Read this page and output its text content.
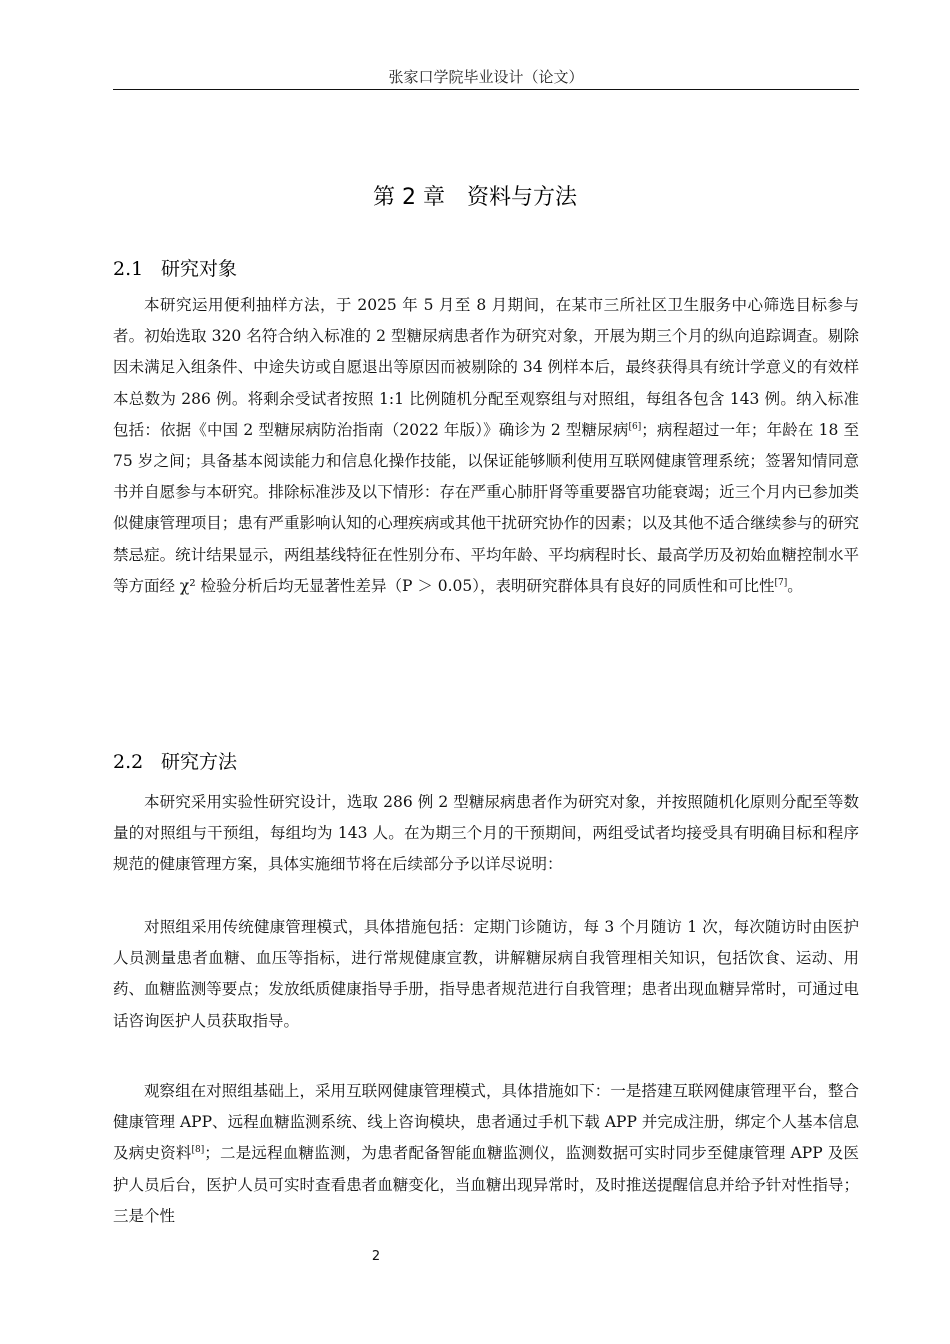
张家口学院毕业设计（论文）
第 2 章　资料与方法
2.1 研究对象

本研究运用便利抽样方法，于 2025 年 5 月至 8 月期间，在某市三所社区卫生服务中心筛选目标参与者。初始选取 320 名符合纳入标准的 2 型糖尿病患者作为研究对象，开展为期三个月的纵向追踪调查。剔除因未满足入组条件、中途失访或自愿退出等原因而被剔除的 34 例样本后，最终获得具有统计学意义的有效样本总数为 286 例。将剩余受试者按照 1:1 比例随机分配至观察组与对照组，每组各包含 143 例。纳入标准包括：依据《中国 2 型糖尿病防治指南（2022 年版）》确诊为 2 型糖尿病[6]；病程超过一年；年龄在 18 至 75 岁之间；具备基本阅读能力和信息化操作技能，以保证能够顺利使用互联网健康管理系统；签署知情同意书并自愿参与本研究。排除标准涉及以下情形：存在严重心肺肝肾等重要器官功能衰竭；近三个月内已参加类似健康管理项目；患有严重影响认知的心理疾病或其他干扰研究协作的因素；以及其他不适合继续参与的研究禁忌症。统计结果显示，两组基线特征在性别分布、平均年龄、平均病程时长、最高学历及初始血糖控制水平等方面经 χ² 检验分析后均无显著性差异（P ＞ 0.05），表明研究群体具有良好的同质性和可比性[7]。

2.2 研究方法

本研究采用实验性研究设计，选取 286 例 2 型糖尿病患者作为研究对象，并按照随机化原则分配至等数量的对照组与干预组，每组均为 143 人。在为期三个月的干预期间，两组受试者均接受具有明确目标和程序规范的健康管理方案，具体实施细节将在后续部分予以详尽说明：

对照组采用传统健康管理模式，具体措施包括：定期门诊随访，每 3 个月随访 1 次，每次随访时由医护人员测量患者血糖、血压等指标，进行常规健康宣教，讲解糖尿病自我管理相关知识，包括饮食、运动、用药、血糖监测等要点；发放纸质健康指导手册，指导患者规范进行自我管理；患者出现血糖异常时，可通过电话咨询医护人员获取指导。

观察组在对照组基础上，采用互联网健康管理模式，具体措施如下：一是搭建互联网健康管理平台，整合健康管理 APP、远程血糖监测系统、线上咨询模块，患者通过手机下载 APP 并完成注册，绑定个人基本信息及病史资料[8]；二是远程血糖监测，为患者配备智能血糖监测仪，监测数据可实时同步至健康管理 APP 及医护人员后台，医护人员可实时查看患者血糖变化，当血糖出现异常时，及时推送提醒信息并给予针对性指导；三是个性

2
